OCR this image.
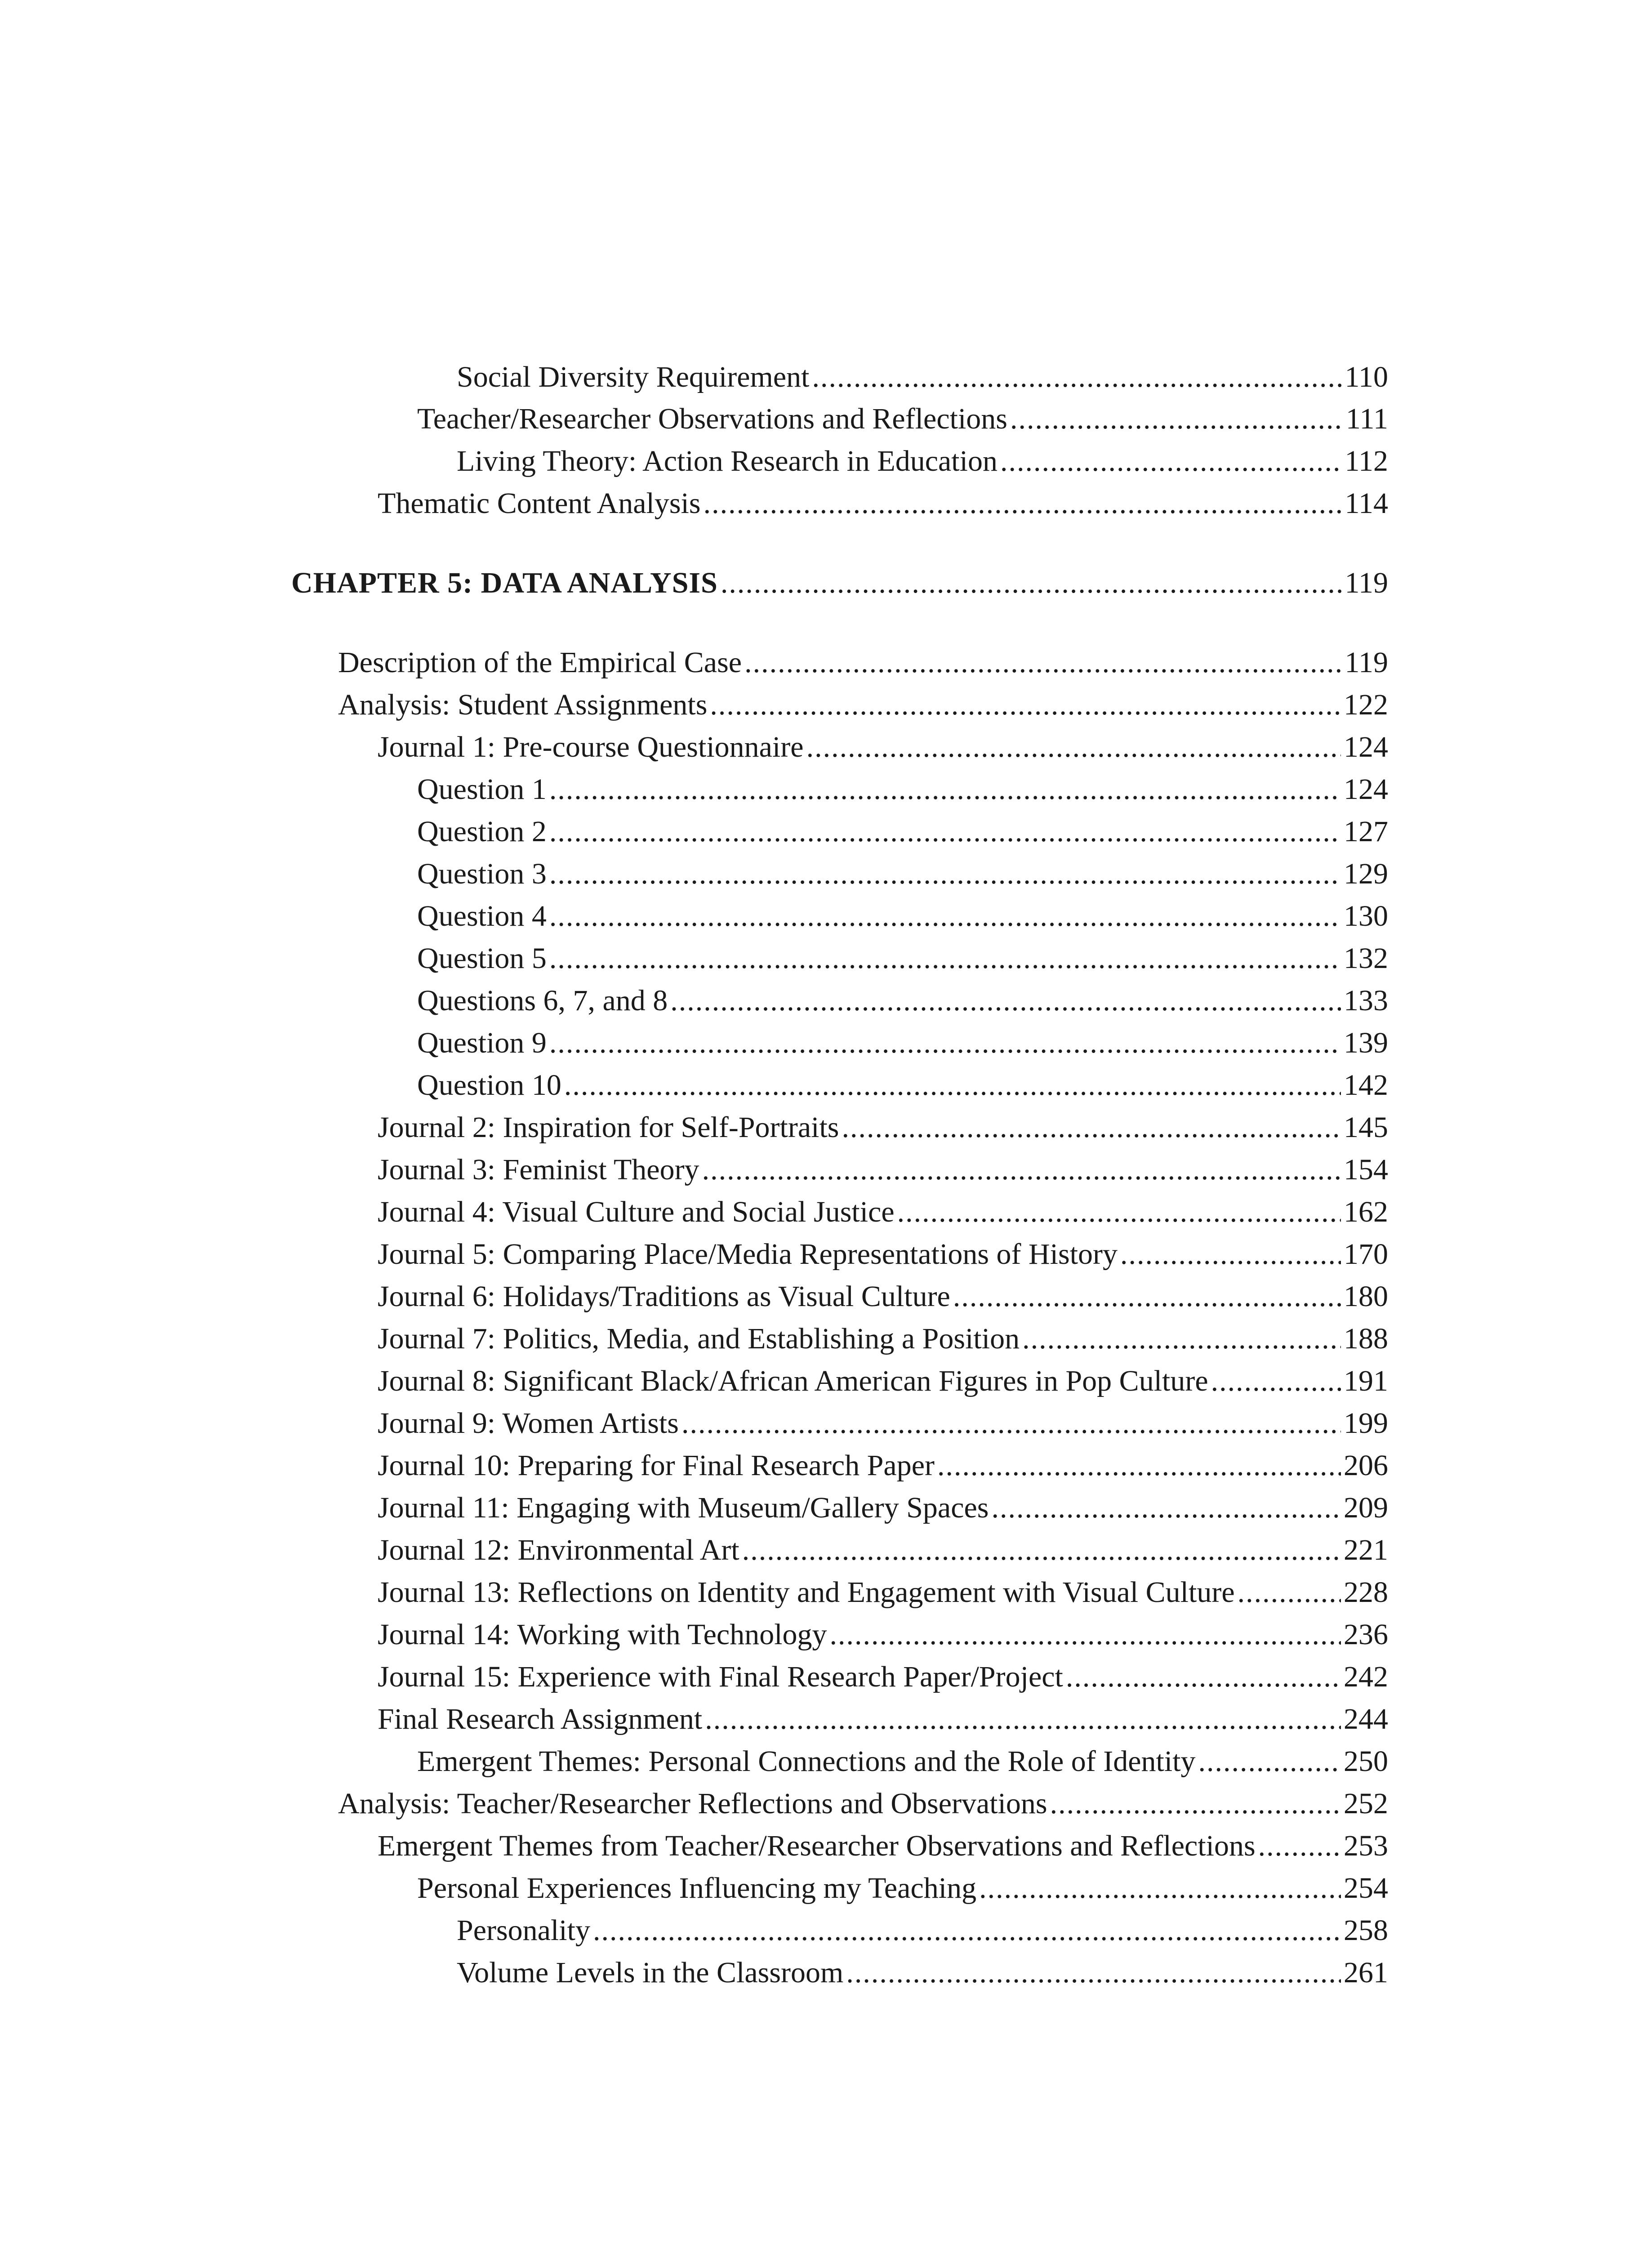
Social Diversity Requirement .....	110
Teacher/Researcher Observations and Reflections .....	111
Living Theory: Action Research in Education .....	112
Thematic Content Analysis .....	114
CHAPTER 5: DATA ANALYSIS .....	119
Description of the Empirical Case .....	119
Analysis: Student Assignments .....	122
Journal 1: Pre-course Questionnaire .....	124
Question 1 .....	124
Question 2 .....	127
Question 3 .....	129
Question 4 .....	130
Question 5 .....	132
Questions 6, 7, and 8 .....	133
Question 9 .....	139
Question 10 .....	142
Journal 2: Inspiration for Self-Portraits .....	145
Journal 3: Feminist Theory .....	154
Journal 4: Visual Culture and Social Justice .....	162
Journal 5: Comparing Place/Media Representations of History .....	170
Journal 6: Holidays/Traditions as Visual Culture .....	180
Journal 7: Politics, Media, and Establishing a Position .....	188
Journal 8: Significant Black/African American Figures in Pop Culture .....	191
Journal 9: Women Artists .....	199
Journal 10: Preparing for Final Research Paper .....	206
Journal 11: Engaging with Museum/Gallery Spaces .....	209
Journal 12: Environmental Art .....	221
Journal 13: Reflections on Identity and Engagement with Visual Culture .....	228
Journal 14: Working with Technology .....	236
Journal 15: Experience with Final Research Paper/Project .....	242
Final Research Assignment .....	244
Emergent Themes: Personal Connections and the Role of Identity .....	250
Analysis: Teacher/Researcher Reflections and Observations .....	252
Emergent Themes from Teacher/Researcher Observations and Reflections .....	253
Personal Experiences Influencing my Teaching .....	254
Personality .....	258
Volume Levels in the Classroom .....	261
